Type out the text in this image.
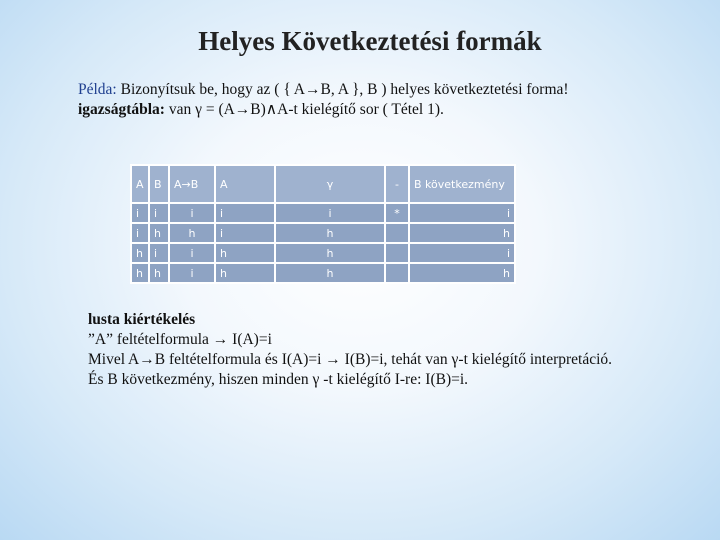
Helyes Következtetési formák
Példa: Bizonyítsuk be, hogy az ( { A→B, A }, B ) helyes következtetési forma!
igazságtábla: van γ = (A→B)∧A-t kielégítő sor ( Tétel 1).
A	B	A→B	A	γ	-	B következmény
i	i	i	i	i	*	i
i	h	h	i	h		h
h	i	i	h	h		i
h	h	i	h	h		h
lusta kiértékelés
”A” feltételformula → I(A)=i
Mivel A→B feltételformula és I(A)=i → I(B)=i, tehát van γ-t kielégítő interpretáció.
És B következmény, hiszen minden γ -t kielégítő I-re: I(B)=i.
